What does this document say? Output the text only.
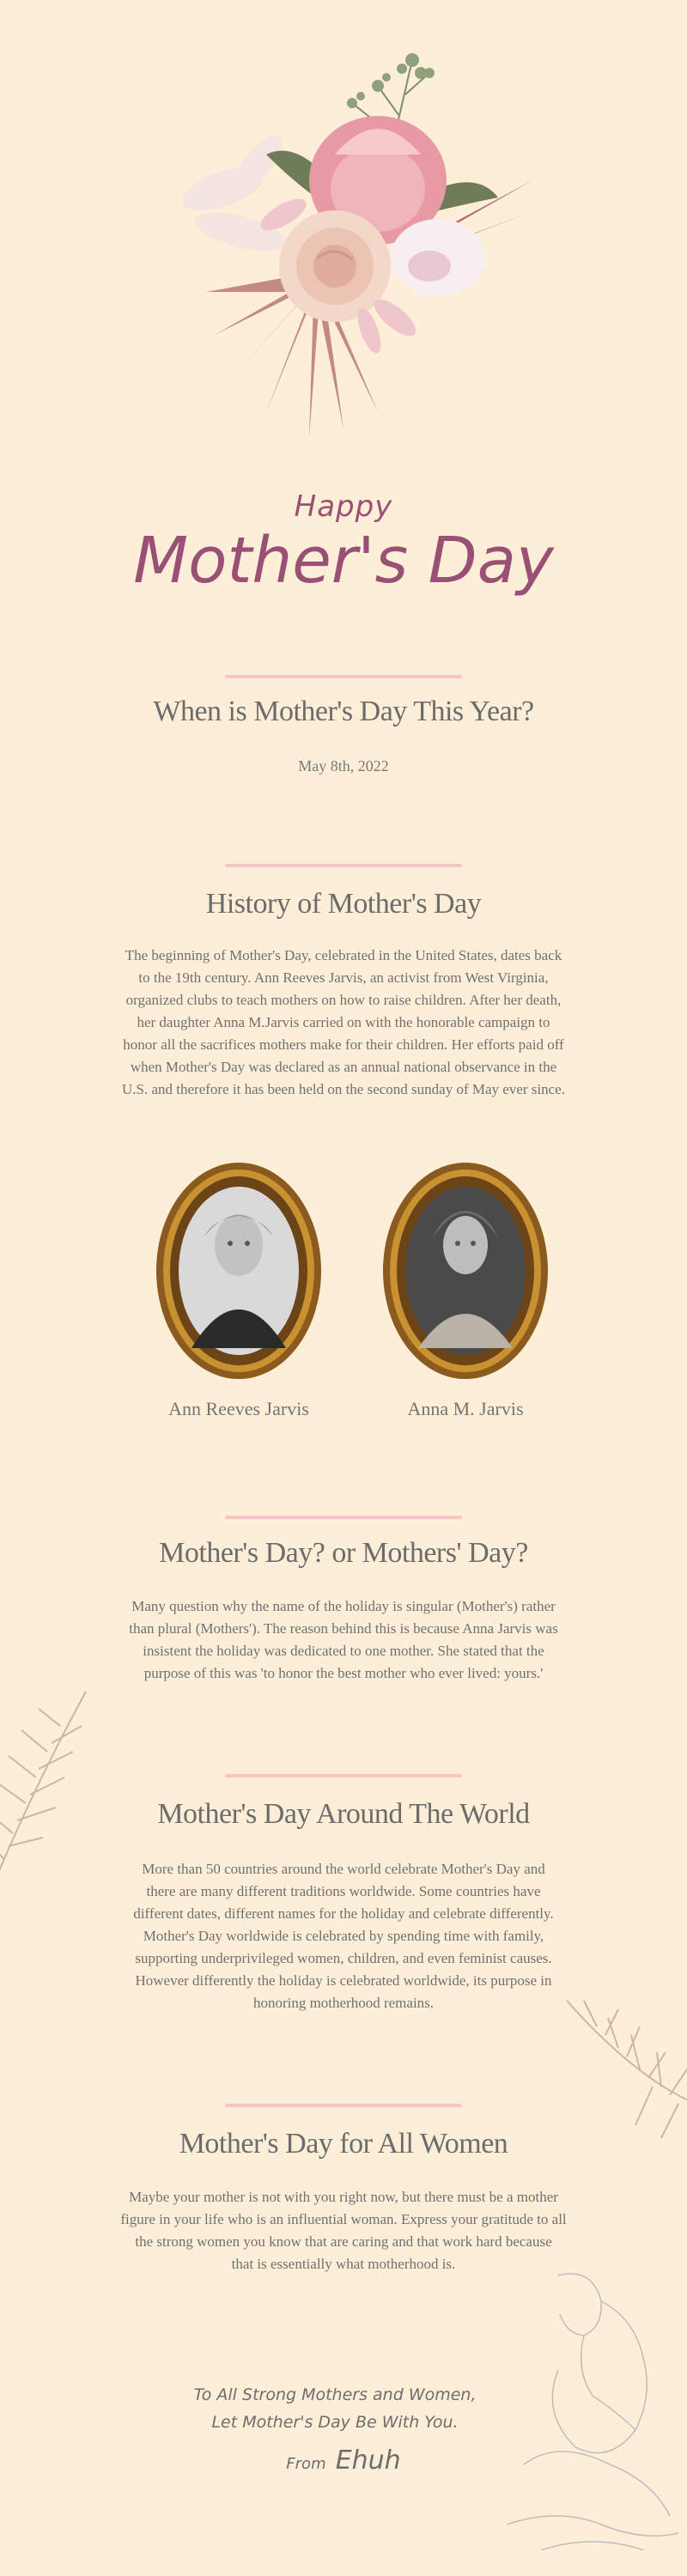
Happy
Mother's Day
When is Mother's Day This Year?
May 8th, 2022
History of Mother's Day
The beginning of Mother's Day, celebrated in the United States, dates back
to the 19th century. Ann Reeves Jarvis, an activist from West Virginia,
organized clubs to teach mothers on how to raise children. After her death,
her daughter Anna M.Jarvis carried on with the honorable campaign to
honor all the sacrifices mothers make for their children. Her efforts paid off
when Mother's Day was declared as an annual national observance in the
U.S. and therefore it has been held on the second sunday of May ever since.
Ann Reeves Jarvis	Anna M. Jarvis
Mother's Day? or Mothers' Day?
Many question why the name of the holiday is singular (Mother's) rather
than plural (Mothers'). The reason behind this is because Anna Jarvis was
insistent the holiday was dedicated to one mother. She stated that the
purpose of this was 'to honor the best mother who ever lived: yours.'
Mother's Day Around The World
More than 50 countries around the world celebrate Mother's Day and
there are many different traditions worldwide. Some countries have
different dates, different names for the holiday and celebrate differently.
Mother's Day worldwide is celebrated by spending time with family,
supporting underprivileged women, children, and even feminist causes.
However differently the holiday is celebrated worldwide, its purpose in
honoring motherhood remains.
Mother's Day for All Women
Maybe your mother is not with you right now, but there must be a mother
figure in your life who is an influential woman. Express your gratitude to all
the strong women you know that are caring and that work hard because
that is essentially what motherhood is.
To All Strong Mothers and Women,
Let Mother's Day Be With You.
From Ehuh
